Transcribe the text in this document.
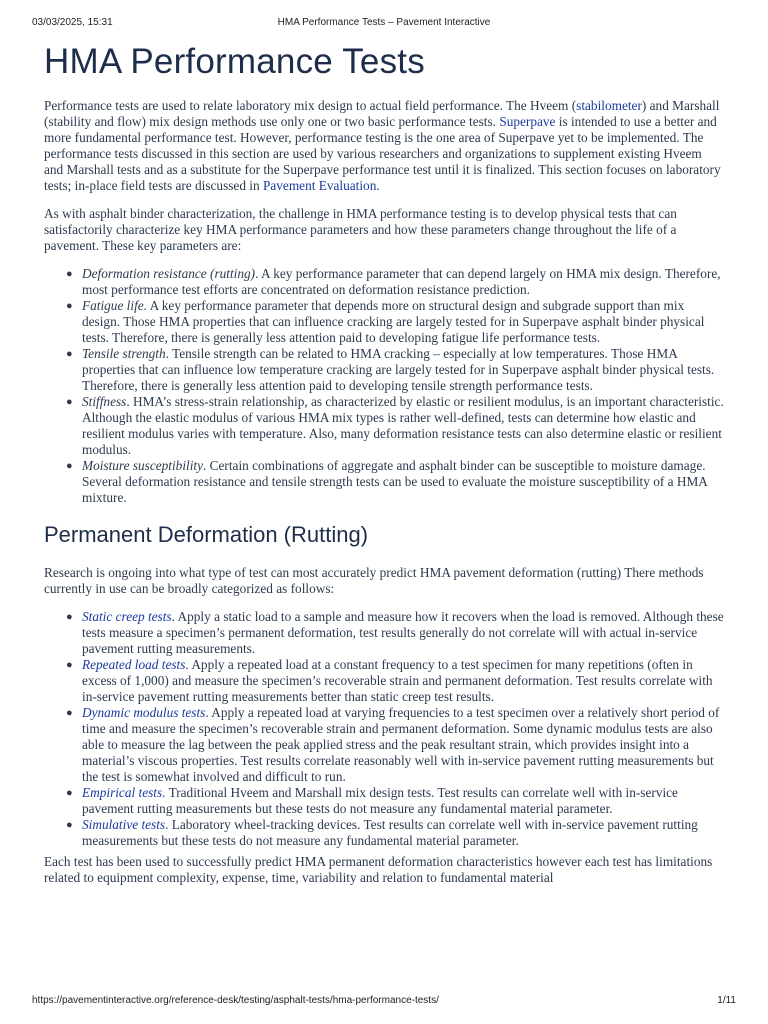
03/03/2025, 15:31	HMA Performance Tests – Pavement Interactive
HMA Performance Tests

Performance tests are used to relate laboratory mix design to actual field performance. The Hveem (stabilometer) and Marshall (stability and flow) mix design methods use only one or two basic performance tests. Superpave is intended to use a better and more fundamental performance test. However, performance testing is the one area of Superpave yet to be implemented. The performance tests discussed in this section are used by various researchers and organizations to supplement existing Hveem and Marshall tests and as a substitute for the Superpave performance test until it is finalized. This section focuses on laboratory tests; in-place field tests are discussed in Pavement Evaluation.

As with asphalt binder characterization, the challenge in HMA performance testing is to develop physical tests that can satisfactorily characterize key HMA performance parameters and how these parameters change throughout the life of a pavement. These key parameters are:

● Deformation resistance (rutting). A key performance parameter that can depend largely on HMA mix design. Therefore, most performance test efforts are concentrated on deformation resistance prediction.
● Fatigue life. A key performance parameter that depends more on structural design and subgrade support than mix design. Those HMA properties that can influence cracking are largely tested for in Superpave asphalt binder physical tests. Therefore, there is generally less attention paid to developing fatigue life performance tests.
● Tensile strength. Tensile strength can be related to HMA cracking – especially at low temperatures. Those HMA properties that can influence low temperature cracking are largely tested for in Superpave asphalt binder physical tests. Therefore, there is generally less attention paid to developing tensile strength performance tests.
● Stiffness. HMA’s stress-strain relationship, as characterized by elastic or resilient modulus, is an important characteristic. Although the elastic modulus of various HMA mix types is rather well-defined, tests can determine how elastic and resilient modulus varies with temperature. Also, many deformation resistance tests can also determine elastic or resilient modulus.
● Moisture susceptibility. Certain combinations of aggregate and asphalt binder can be susceptible to moisture damage. Several deformation resistance and tensile strength tests can be used to evaluate the moisture susceptibility of a HMA mixture.
Permanent Deformation (Rutting)

Research is ongoing into what type of test can most accurately predict HMA pavement deformation (rutting) There methods currently in use can be broadly categorized as follows:

● Static creep tests. Apply a static load to a sample and measure how it recovers when the load is removed. Although these tests measure a specimen’s permanent deformation, test results generally do not correlate will with actual in-service pavement rutting measurements.
● Repeated load tests. Apply a repeated load at a constant frequency to a test specimen for many repetitions (often in excess of 1,000) and measure the specimen’s recoverable strain and permanent deformation. Test results correlate with in-service pavement rutting measurements better than static creep test results.
● Dynamic modulus tests. Apply a repeated load at varying frequencies to a test specimen over a relatively short period of time and measure the specimen’s recoverable strain and permanent deformation. Some dynamic modulus tests are also able to measure the lag between the peak applied stress and the peak resultant strain, which provides insight into a material’s viscous properties. Test results correlate reasonably well with in-service pavement rutting measurements but the test is somewhat involved and difficult to run.
● Empirical tests. Traditional Hveem and Marshall mix design tests. Test results can correlate well with in-service pavement rutting measurements but these tests do not measure any fundamental material parameter.
● Simulative tests. Laboratory wheel-tracking devices. Test results can correlate well with in-service pavement rutting measurements but these tests do not measure any fundamental material parameter.

Each test has been used to successfully predict HMA permanent deformation characteristics however each test has limitations related to equipment complexity, expense, time, variability and relation to fundamental material

https://pavementinteractive.org/reference-desk/testing/asphalt-tests/hma-performance-tests/	1/11
